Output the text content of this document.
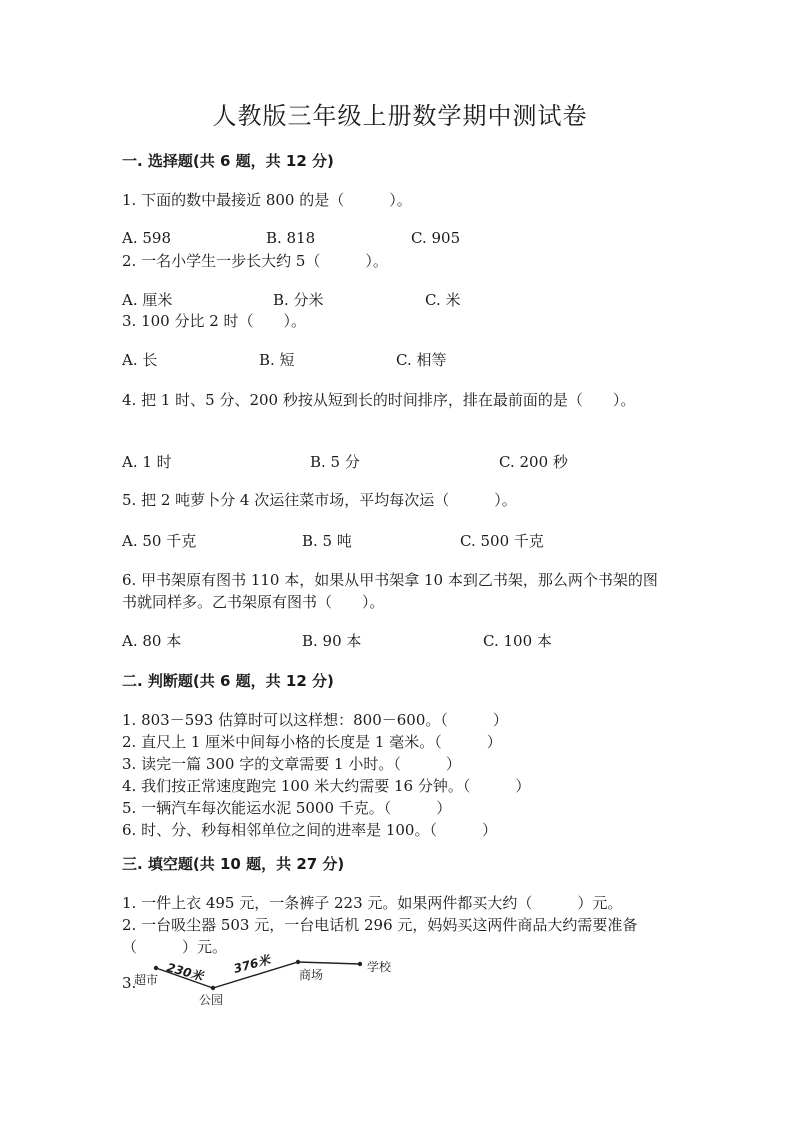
人教版三年级上册数学期中测试卷
一. 选择题(共 6 题，共 12 分)
1. 下面的数中最接近 800 的是（　　　）。
A. 598	B. 818	C. 905
2. 一名小学生一步长大约 5（　　　）。
A. 厘米	B. 分米	C. 米
3. 100 分比 2 时（　　）。
A. 长	B. 短	C. 相等
4. 把 1 时、5 分、200 秒按从短到长的时间排序，排在最前面的是（　　）。
A. 1 时	B. 5 分	C. 200 秒
5. 把 2 吨萝卜分 4 次运往菜市场，平均每次运（　　　）。
A. 50 千克	B. 5 吨	C. 500 千克
6. 甲书架原有图书 110 本，如果从甲书架拿 10 本到乙书架，那么两个书架的图
书就同样多。乙书架原有图书（　　）。
A. 80 本	B. 90 本	C. 100 本
二. 判断题(共 6 题，共 12 分)
1. 803－593 估算时可以这样想：800－600。（　　　）
2. 直尺上 1 厘米中间每小格的长度是 1 毫米。（　　　）
3. 读完一篇 300 字的文章需要 1 小时。（　　　）
4. 我们按正常速度跑完 100 米大约需要 16 分钟。（　　　）
5. 一辆汽车每次能运水泥 5000 千克。（　　　）
6. 时、分、秒每相邻单位之间的进率是 100。（　　　）
三. 填空题(共 10 题，共 27 分)
1. 一件上衣 495 元，一条裤子 223 元。如果两件都买大约（　　　）元。
2. 一台吸尘器 503 元，一台电话机 296 元，妈妈买这两件商品大约需要准备
（　　　）元。
3.
超市
公园
商场
学校
230米 376米
